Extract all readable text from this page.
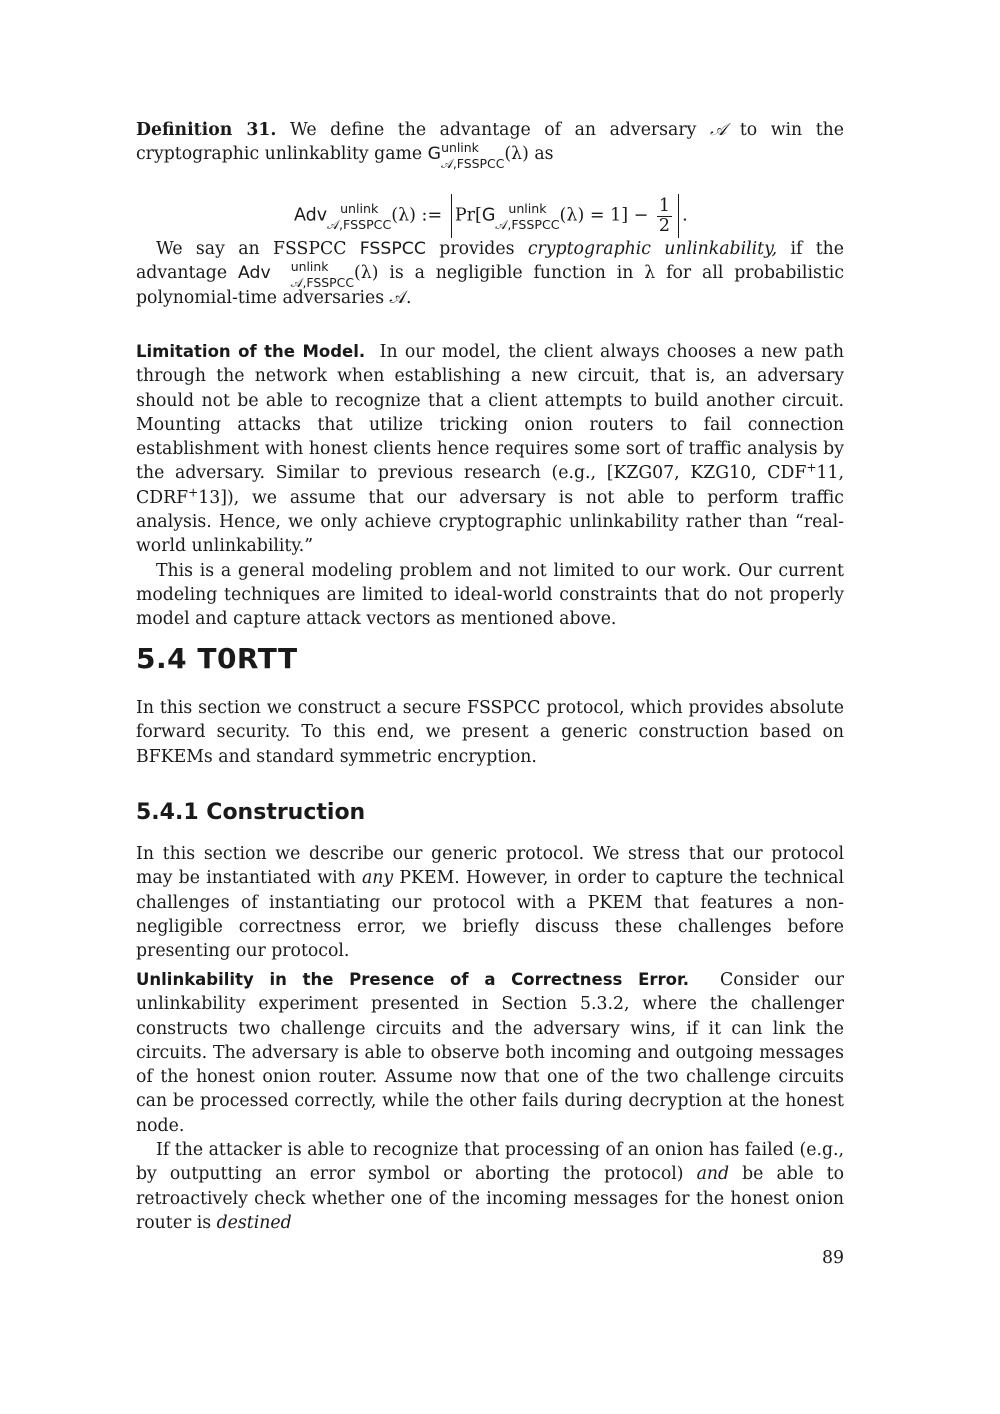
Definition 31. We define the advantage of an adversary 𝒜 to win the cryptographic unlinkablity game G unlink
𝒜,FSSPCC (λ) as

Adv	unlink
𝒜,FSSPCC (λ) := Pr[G	unlink
𝒜,FSSPCC $(\lambda) = 1] - \frac{1}{2}$ .

We say an FSSPCC FSSPCC provides cryptographic unlinkability, if the advantage Adv	unlink
𝒜,FSSPCC (λ) is a negligible function in λ for all probabilistic polynomial-time adversaries 𝒜.

Limitation of the Model. In our model, the client always chooses a new path through the network when establishing a new circuit, that is, an adversary should not be able to recognize that a client attempts to build another circuit. Mounting attacks that utilize tricking onion routers to fail connection establishment with honest clients hence requires some sort of traffic analysis by the adversary. Similar to previous research (e.g., [KZG07, KZG10, CDF+11, CDRF+13]), we assume that our adversary is not able to perform traffic analysis. Hence, we only achieve cryptographic unlinkability rather than “real-world unlinkability.”

This is a general modeling problem and not limited to our work. Our current modeling techniques are limited to ideal-world constraints that do not properly model and capture attack vectors as mentioned above.

5.4 T0RTT

In this section we construct a secure FSSPCC protocol, which provides absolute forward security. To this end, we present a generic construction based on BFKEMs and standard symmetric encryption.

5.4.1 Construction

In this section we describe our generic protocol. We stress that our protocol may be instantiated with any PKEM. However, in order to capture the technical challenges of instantiating our protocol with a PKEM that features a non-negligible correctness error, we briefly discuss these challenges before presenting our protocol.

Unlinkability in the Presence of a Correctness Error. Consider our unlinkability experiment presented in Section 5.3.2, where the challenger constructs two challenge circuits and the adversary wins, if it can link the circuits. The adversary is able to observe both incoming and outgoing messages of the honest onion router. Assume now that one of the two challenge circuits can be processed correctly, while the other fails during decryption at the honest node.

If the attacker is able to recognize that processing of an onion has failed (e.g., by outputting an error symbol or aborting the protocol) and be able to retroactively check whether one of the incoming messages for the honest onion router is destined

89
